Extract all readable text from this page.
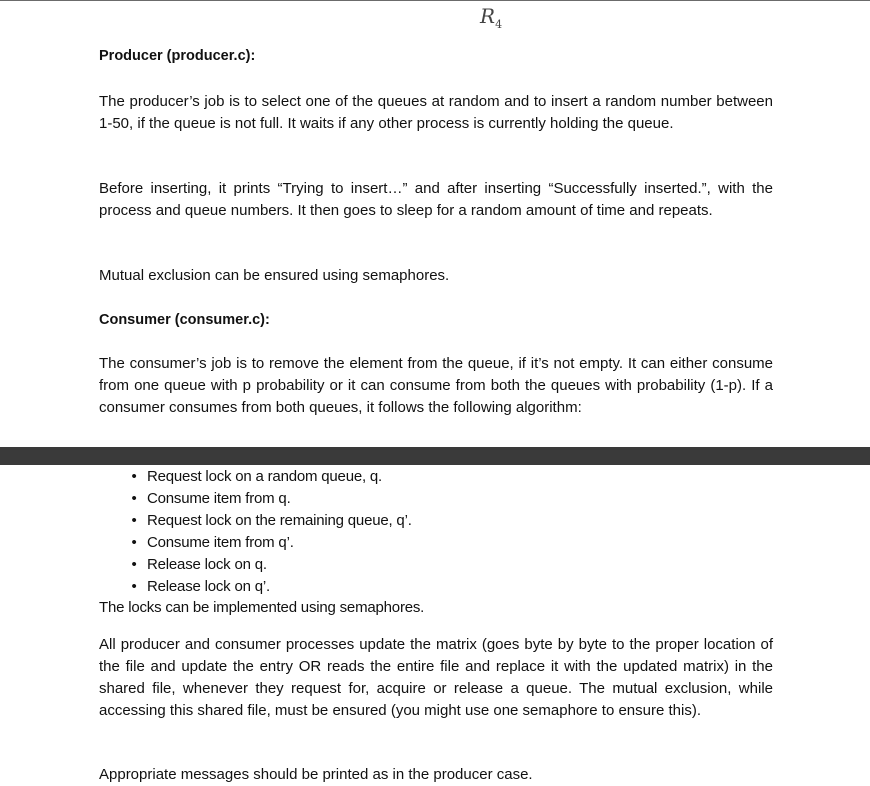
$R_4$

Producer (producer.c):

The producer’s job is to select one of the queues at random and to insert a random number between 1-50, if the queue is not full. It waits if any other process is currently holding the queue.

Before inserting, it prints “Trying to insert…” and after inserting “Successfully inserted.”, with the process and queue numbers. It then goes to sleep for a random amount of time and repeats.

Mutual exclusion can be ensured using semaphores.

Consumer (consumer.c):

The consumer’s job is to remove the element from the queue, if it’s not empty. It can either consume from one queue with p probability or it can consume from both the queues with probability (1-p). If a consumer consumes from both queues, it follows the following algorithm:

• Request lock on a random queue, q.
• Consume item from q.
• Request lock on the remaining queue, q’.
• Consume item from q’.
• Release lock on q.
• Release lock on q’.

The locks can be implemented using semaphores.

All producer and consumer processes update the matrix (goes byte by byte to the proper location of the file and update the entry OR reads the entire file and replace it with the updated matrix) in the shared file, whenever they request for, acquire or release a queue. The mutual exclusion, while accessing this shared file, must be ensured (you might use one semaphore to ensure this).

Appropriate messages should be printed as in the producer case.
